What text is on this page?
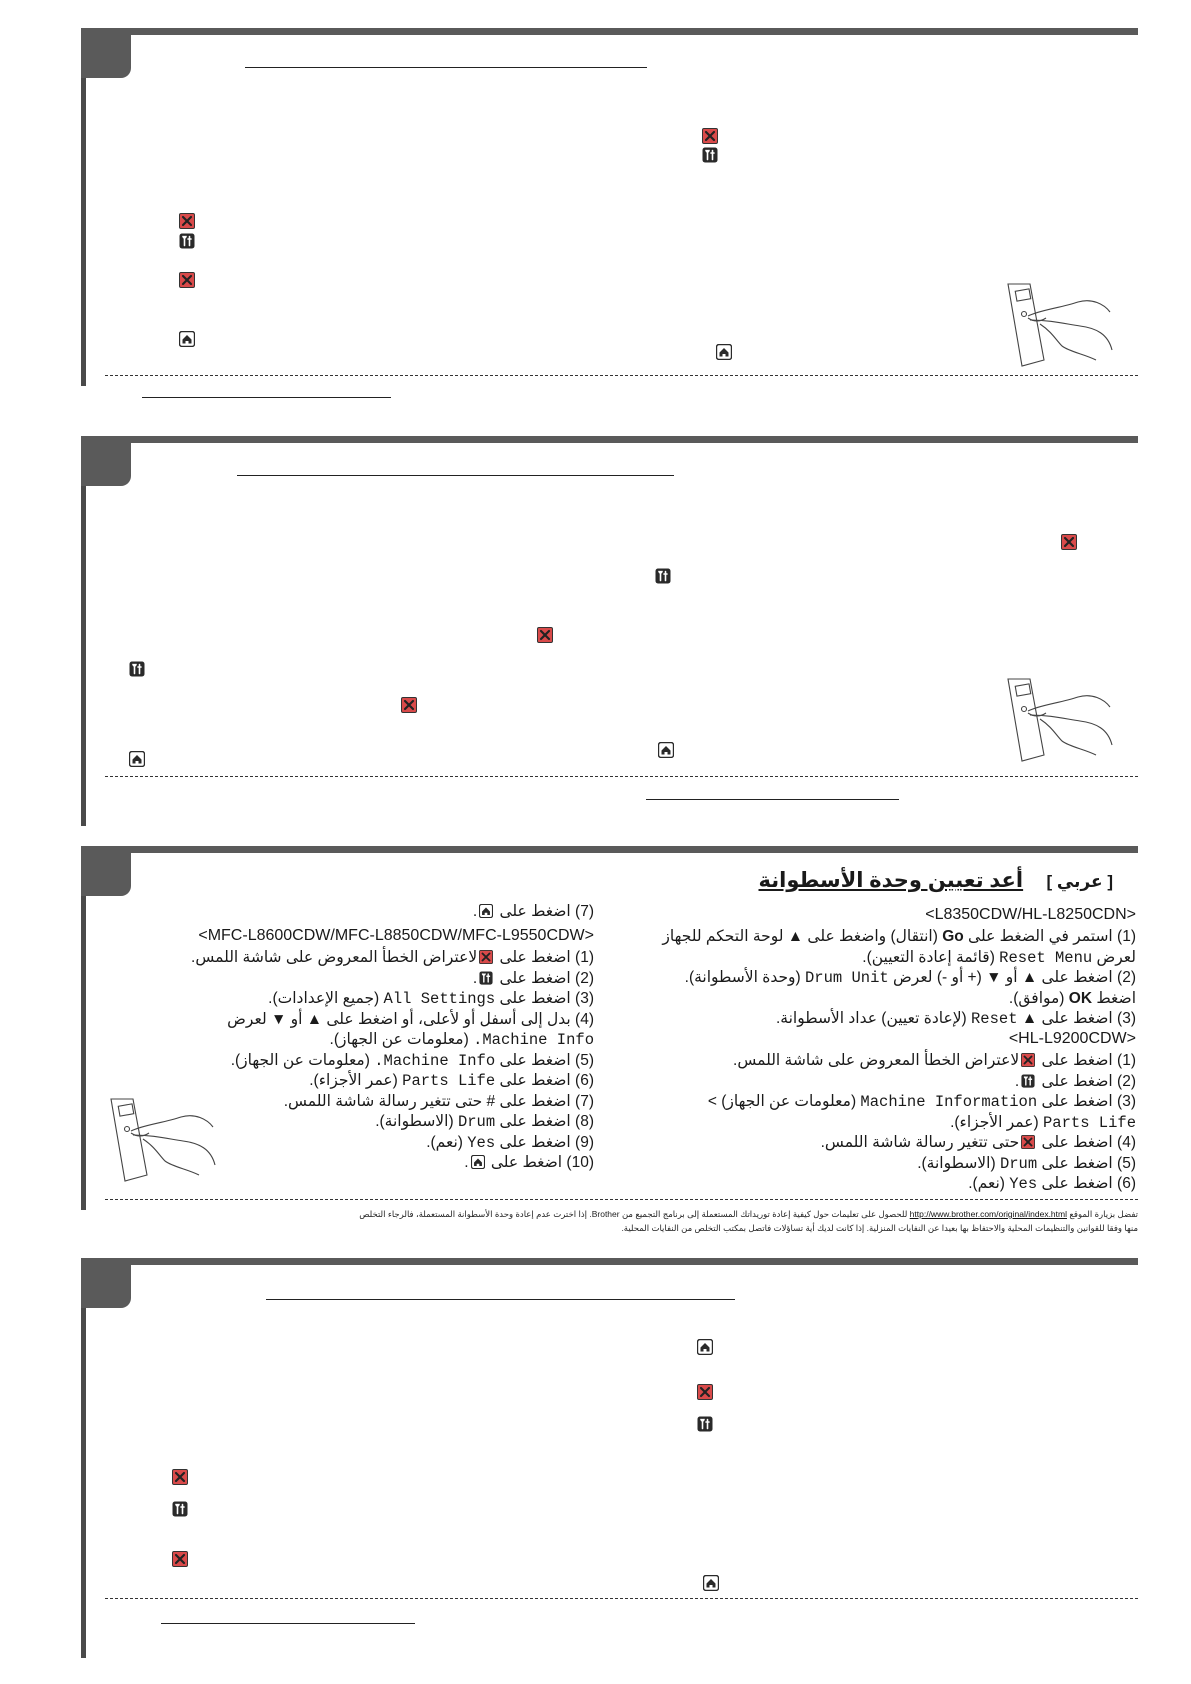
[ عربي ]    أعد تعيين وحدة الأسطوانة
<L8350CDW/HL-L8250CDN>
(1) استمر في الضغط على Go (انتقال) واضغط على ▲ لوحة التحكم للجهاز
لعرض Reset Menu (قائمة إعادة التعيين).
(2) اضغط على ▲ أو ▼ (+ أو -) لعرض Drum Unit (وحدة الأسطوانة).
اضغط OK (موافق).
(3) اضغط على ▲ Reset (لإعادة تعيين) عداد الأسطوانة.
<HL-L9200CDW>
(1) اضغط على
لاعتراض الخطأ المعروض على شاشة اللمس.
(2) اضغط على
.
(3) اضغط على Machine Information (معلومات عن الجهاز) >
Parts Life (عمر الأجزاء).
(4) اضغط على
حتى تتغير رسالة شاشة اللمس.
(5) اضغط على Drum (الاسطوانة).
(6) اضغط على Yes (نعم).
(7) اضغط على
.
<MFC-L8600CDW/MFC-L8850CDW/MFC-L9550CDW>
(1) اضغط على
لاعتراض الخطأ المعروض على شاشة اللمس.
(2) اضغط على
.
(3) اضغط على All Settings (جميع الإعدادات).
(4) بدل إلى أسفل أو لأعلى، أو اضغط على ▲ أو ▼ لعرض
Machine Info. (معلومات عن الجهاز).
(5) اضغط على Machine Info. (معلومات عن الجهاز).
(6) اضغط على Parts Life (عمر الأجزاء).
(7) اضغط على # حتى تتغير رسالة شاشة اللمس.
(8) اضغط على Drum (الاسطوانة).
(9) اضغط على Yes (نعم).
(10) اضغط على
.
تفضل بزيارة الموقع http://www.brother.com/original/index.html للحصول على تعليمات حول كيفية إعادة توريداتك المستعملة إلى برنامج التجميع من Brother. إذا اخترت عدم إعادة وحدة الأسطوانة المستعملة، فالرجاء التخلص
منها وفقا للقوانين والتنظيمات المحلية والاحتفاظ بها بعيدا عن النفايات المنزلية. إذا كانت لديك أية تساؤلات فاتصل بمكتب التخلص من النفايات المحلية.
